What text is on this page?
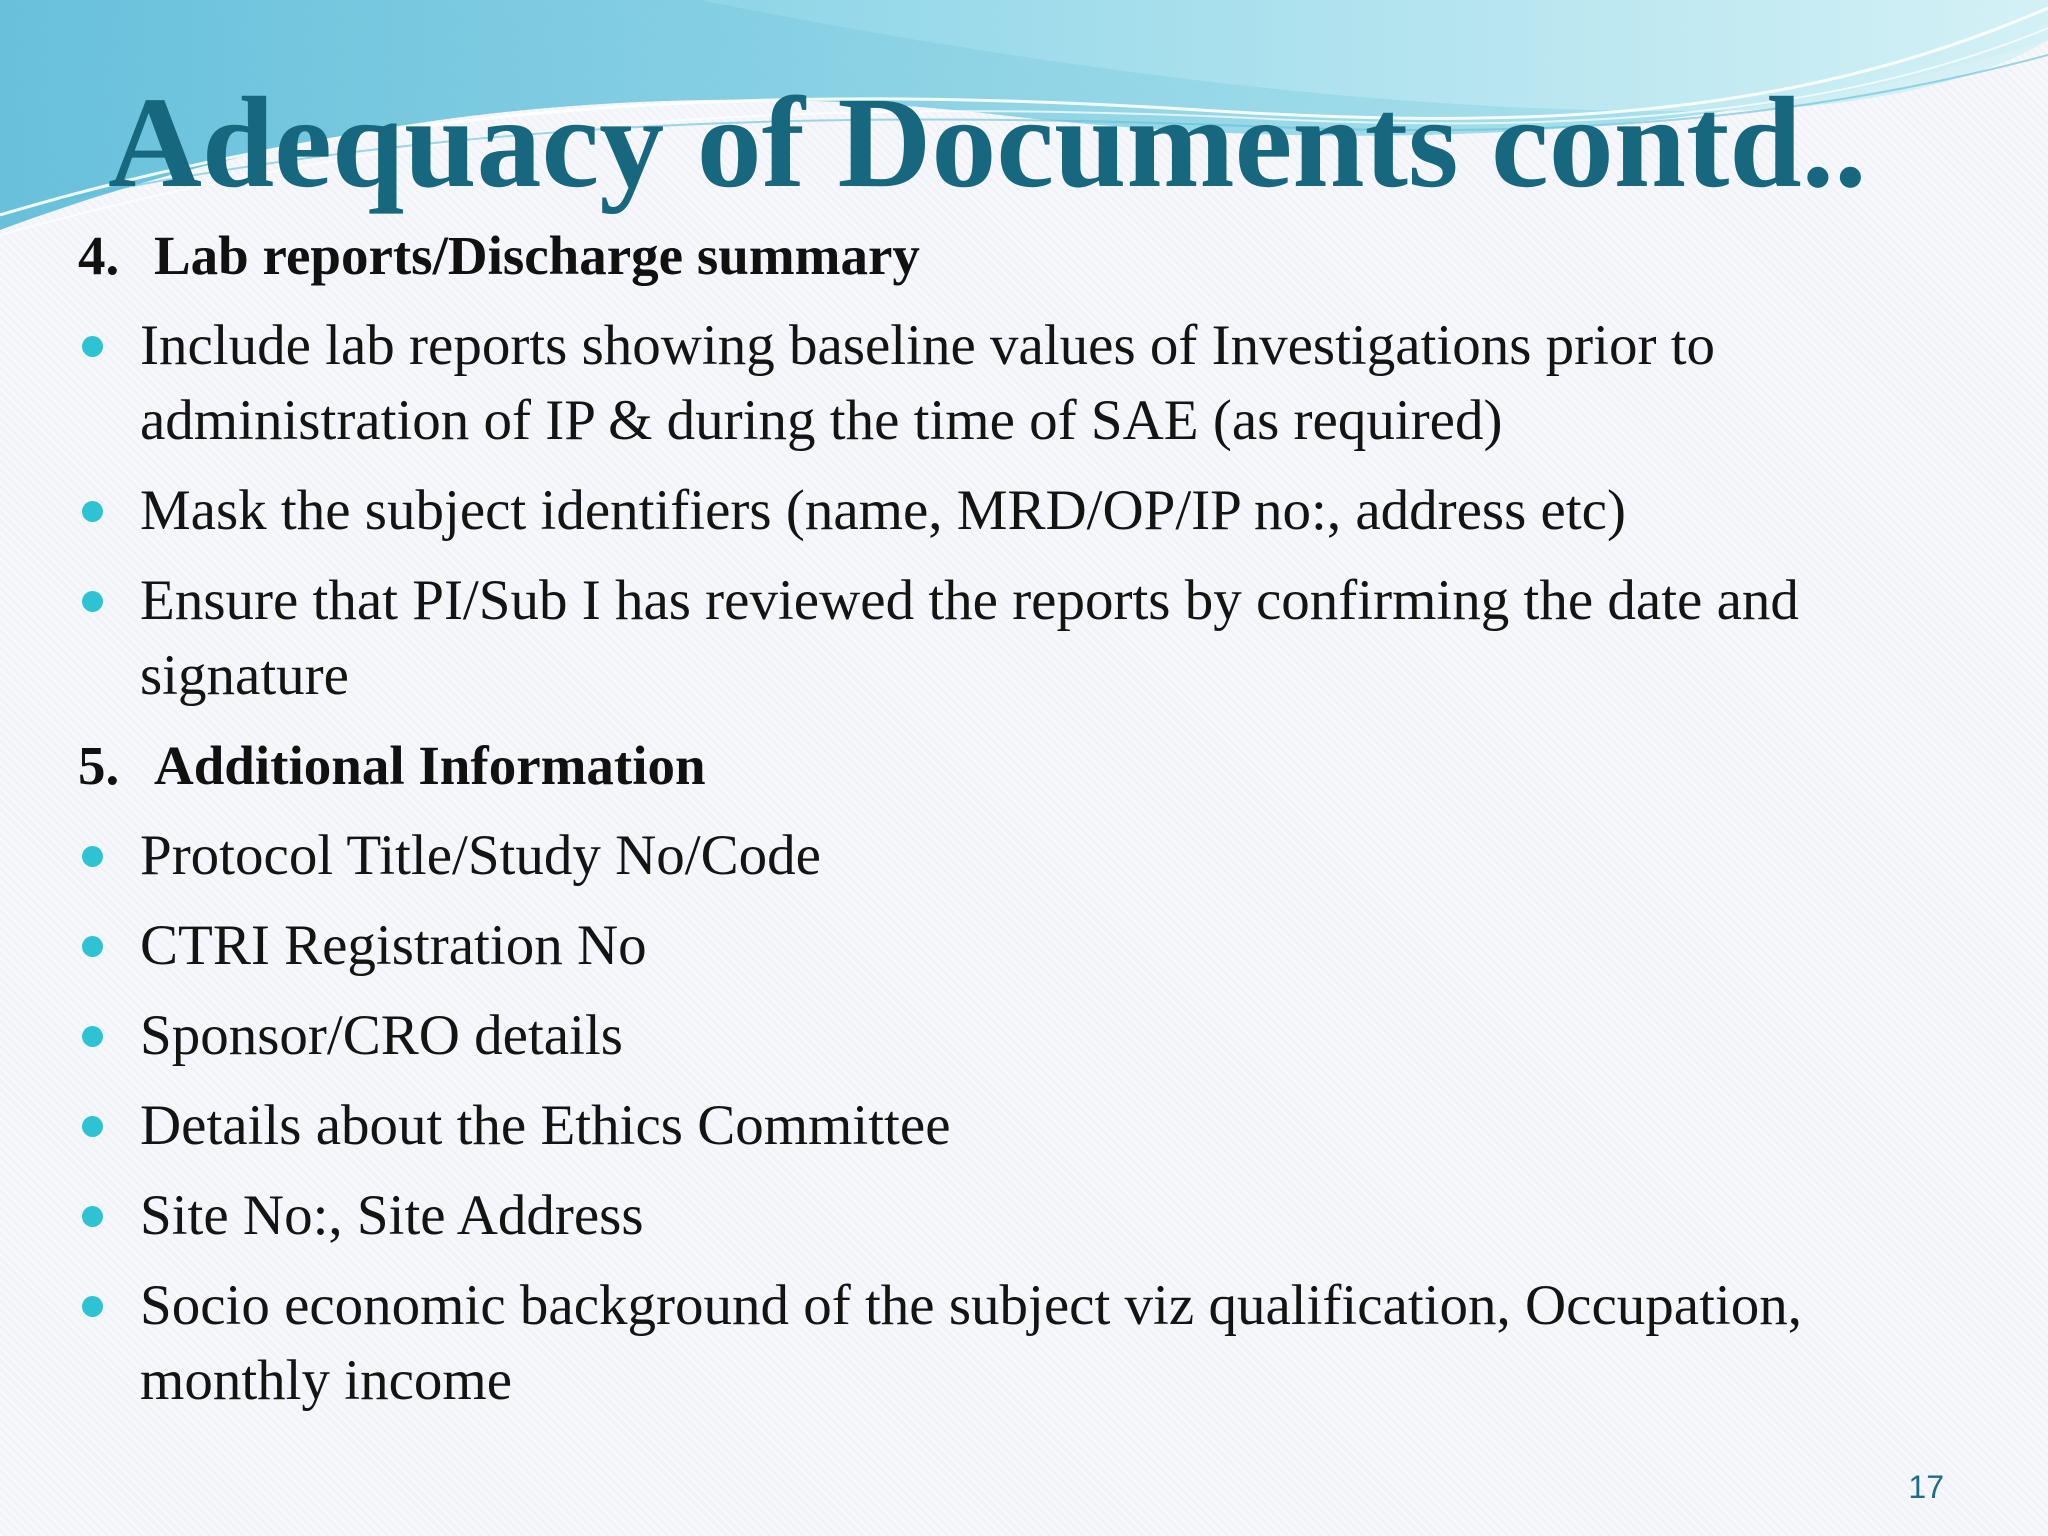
Adequacy of Documents contd..
4. Lab reports/Discharge summary
Include lab reports showing baseline values of Investigations prior to administration of IP & during the time of SAE (as required)
Mask the subject identifiers (name, MRD/OP/IP no:, address etc)
Ensure that PI/Sub I has reviewed the reports by confirming the date and signature
5. Additional Information
Protocol Title/Study No/Code
CTRI Registration No
Sponsor/CRO details
Details about the Ethics Committee
Site No:, Site Address
Socio economic background of the subject viz qualification, Occupation, monthly income
17
